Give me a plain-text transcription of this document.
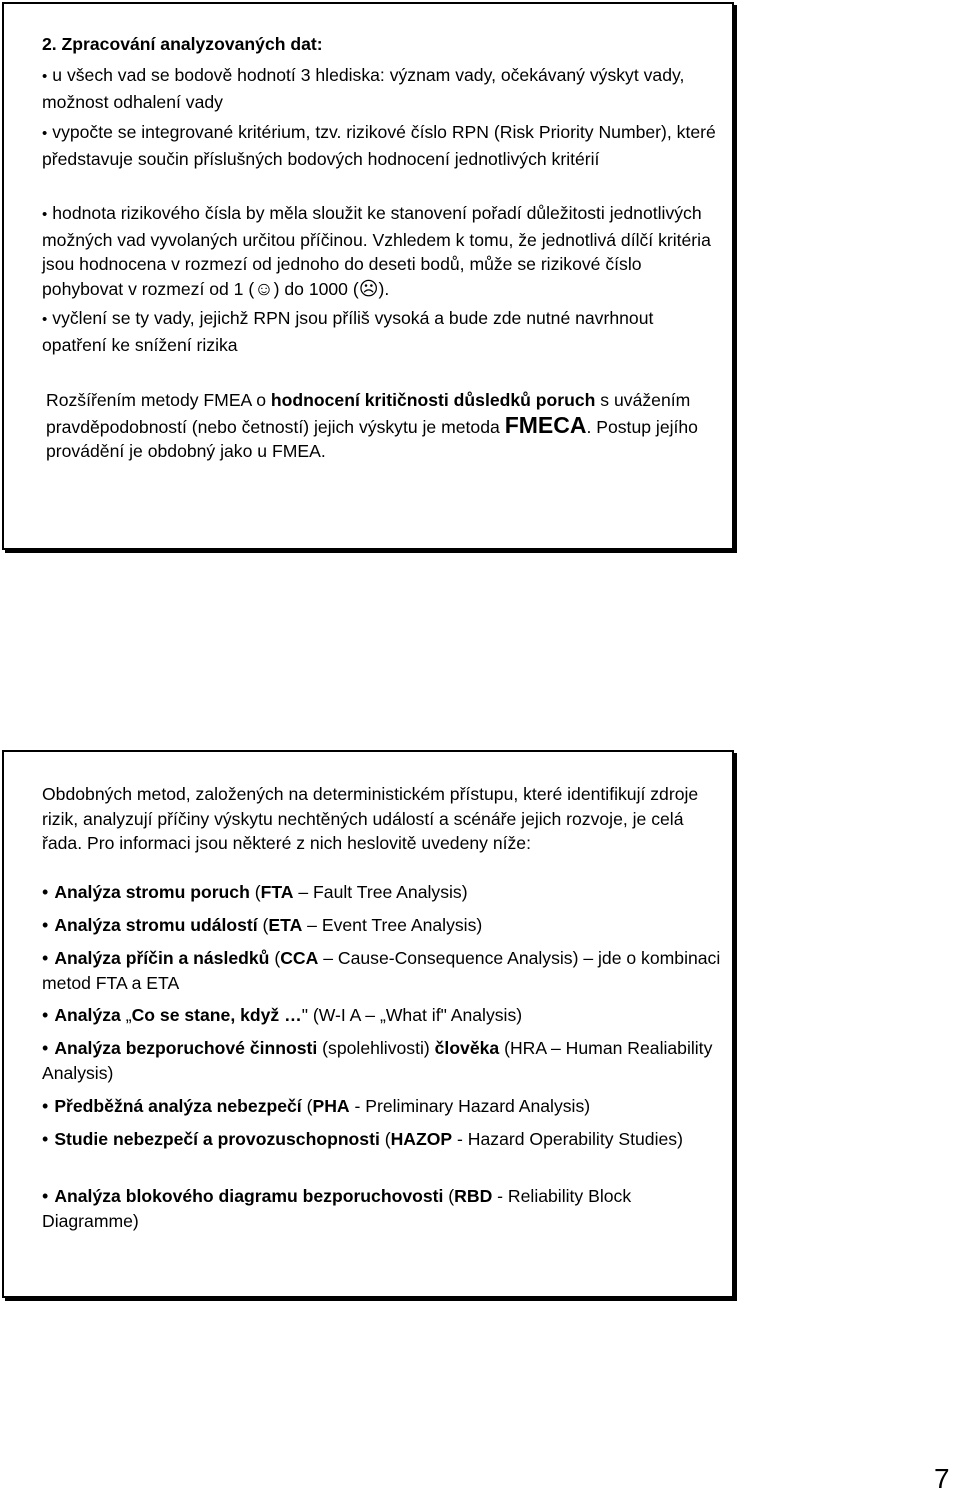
2. Zpracování analyzovaných dat:
• u všech vad se bodově hodnotí 3 hlediska: význam vady, očekávaný výskyt vady, možnost odhalení vady
• vypočte se integrované kritérium, tzv. rizikové číslo RPN (Risk Priority Number), které představuje součin příslušných bodových hodnocení jednotlivých kritérií
• hodnota rizikového čísla by měla sloužit ke stanovení pořadí důležitosti jednotlivých možných vad vyvolaných určitou příčinou. Vzhledem k tomu, že jednotlivá dílčí kritéria jsou hodnocena v rozmezí od jednoho do deseti bodů, může se rizikové číslo pohybovat v rozmezí od 1 (☺) do 1000 (☹).
• vyčlení se ty vady, jejichž RPN jsou příliš vysoká a bude zde nutné navrhnout opatření ke snížení rizika
Rozšířením metody FMEA o hodnocení kritičnosti důsledků poruch s uvážením pravděpodobností (nebo četností) jejich výskytu je metoda FMECA. Postup jejího provádění je obdobný jako u FMEA.
Obdobných metod, založených na deterministickém přístupu, které identifikují zdroje rizik, analyzují příčiny výskytu nechtěných událostí a scénáře jejich rozvoje, je celá řada. Pro informaci jsou některé z nich heslovitě uvedeny níže:
• Analýza stromu poruch (FTA – Fault Tree Analysis)
• Analýza stromu událostí (ETA – Event Tree Analysis)
• Analýza příčin a následků (CCA – Cause-Consequence Analysis) – jde o kombinaci metod FTA a ETA
• Analýza „Co se stane, když …" (W-I A – „What if" Analysis)
• Analýza bezporuchové činnosti (spolehlivosti) člověka (HRA – Human Realiability Analysis)
• Předběžná analýza nebezpečí (PHA - Preliminary Hazard Analysis)
• Studie nebezpečí a provozuschopnosti (HAZOP - Hazard Operability Studies)
• Analýza blokového diagramu bezporuchovosti (RBD - Reliability Block Diagramme)
7
